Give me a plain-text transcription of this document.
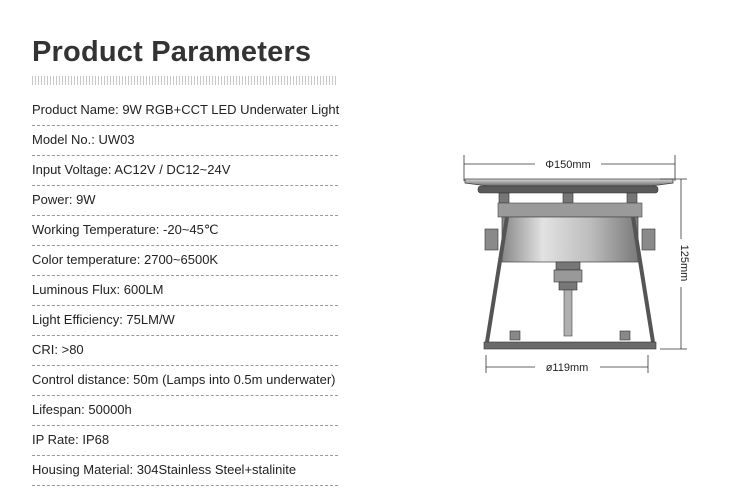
Product Parameters
Product Name: 9W RGB+CCT LED Underwater Light
Model No.: UW03
Input Voltage: AC12V / DC12~24V
Power: 9W
Working Temperature: -20~45℃
Color temperature: 2700~6500K
Luminous Flux: 600LM
Light Efficiency: 75LM/W
CRI: >80
Control distance: 50m (Lamps into 0.5m underwater)
Lifespan: 50000h
IP Rate: IP68
Housing Material: 304Stainless Steel+stalinite
Φ150mm
125mm
ø119mm
